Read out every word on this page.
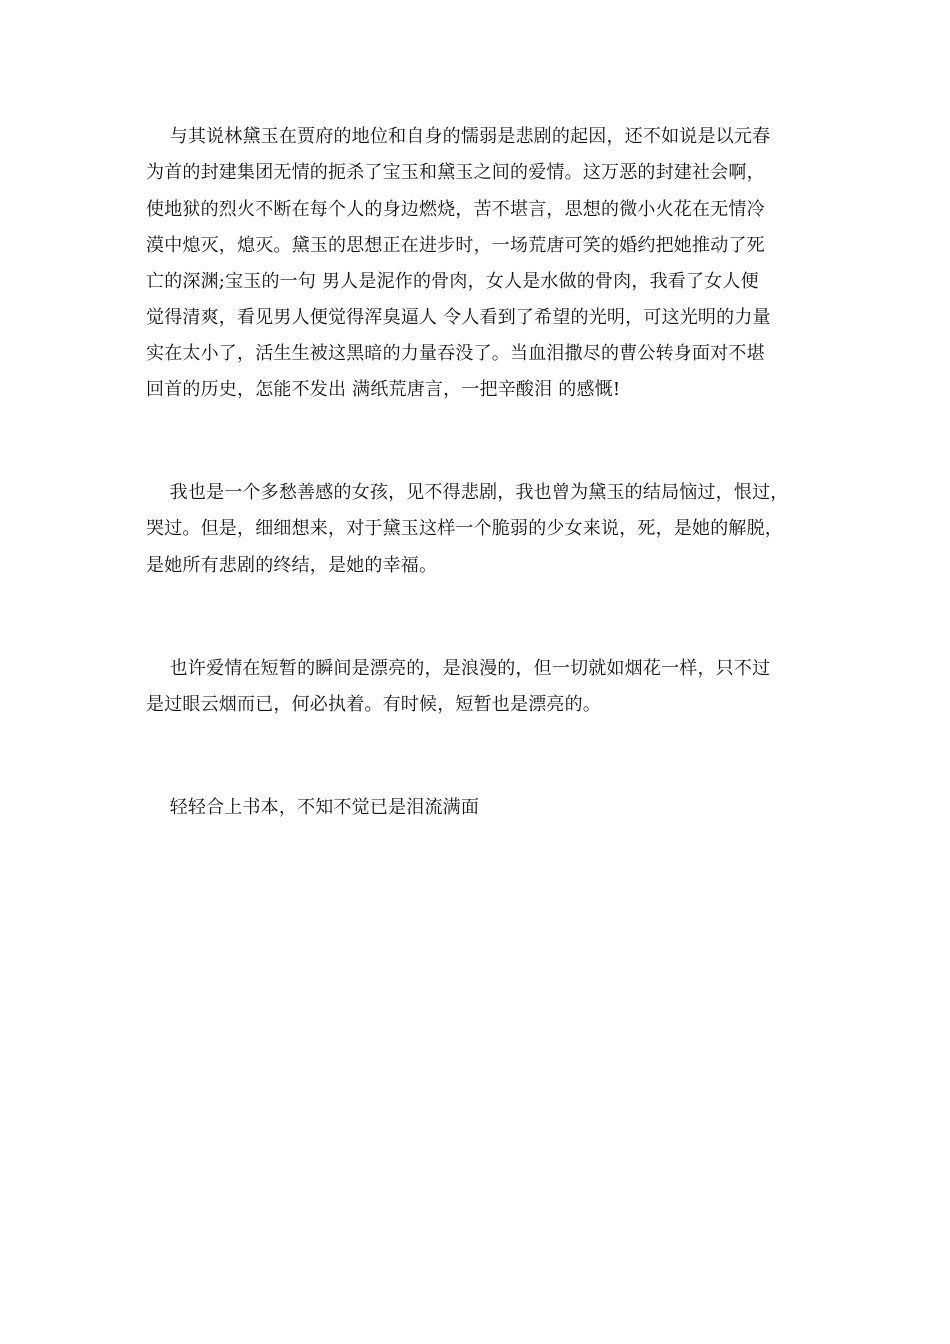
与其说林黛玉在贾府的地位和自身的懦弱是悲剧的起因，还不如说是以元春
为首的封建集团无情的扼杀了宝玉和黛玉之间的爱情。这万恶的封建社会啊，
使地狱的烈火不断在每个人的身边燃烧，苦不堪言，思想的微小火花在无情冷
漠中熄灭，熄灭。黛玉的思想正在进步时，一场荒唐可笑的婚约把她推动了死
亡的深渊;宝玉的一句 男人是泥作的骨肉，女人是水做的骨肉，我看了女人便
觉得清爽，看见男人便觉得浑臭逼人 令人看到了希望的光明，可这光明的力量
实在太小了，活生生被这黑暗的力量吞没了。当血泪撒尽的曹公转身面对不堪
回首的历史，怎能不发出 满纸荒唐言，一把辛酸泪 的感慨!
我也是一个多愁善感的女孩，见不得悲剧，我也曾为黛玉的结局恼过，恨过，
哭过。但是，细细想来，对于黛玉这样一个脆弱的少女来说，死，是她的解脱，
是她所有悲剧的终结，是她的幸福。
也许爱情在短暂的瞬间是漂亮的，是浪漫的，但一切就如烟花一样，只不过
是过眼云烟而已，何必执着。有时候，短暂也是漂亮的。
轻轻合上书本，不知不觉已是泪流满面
